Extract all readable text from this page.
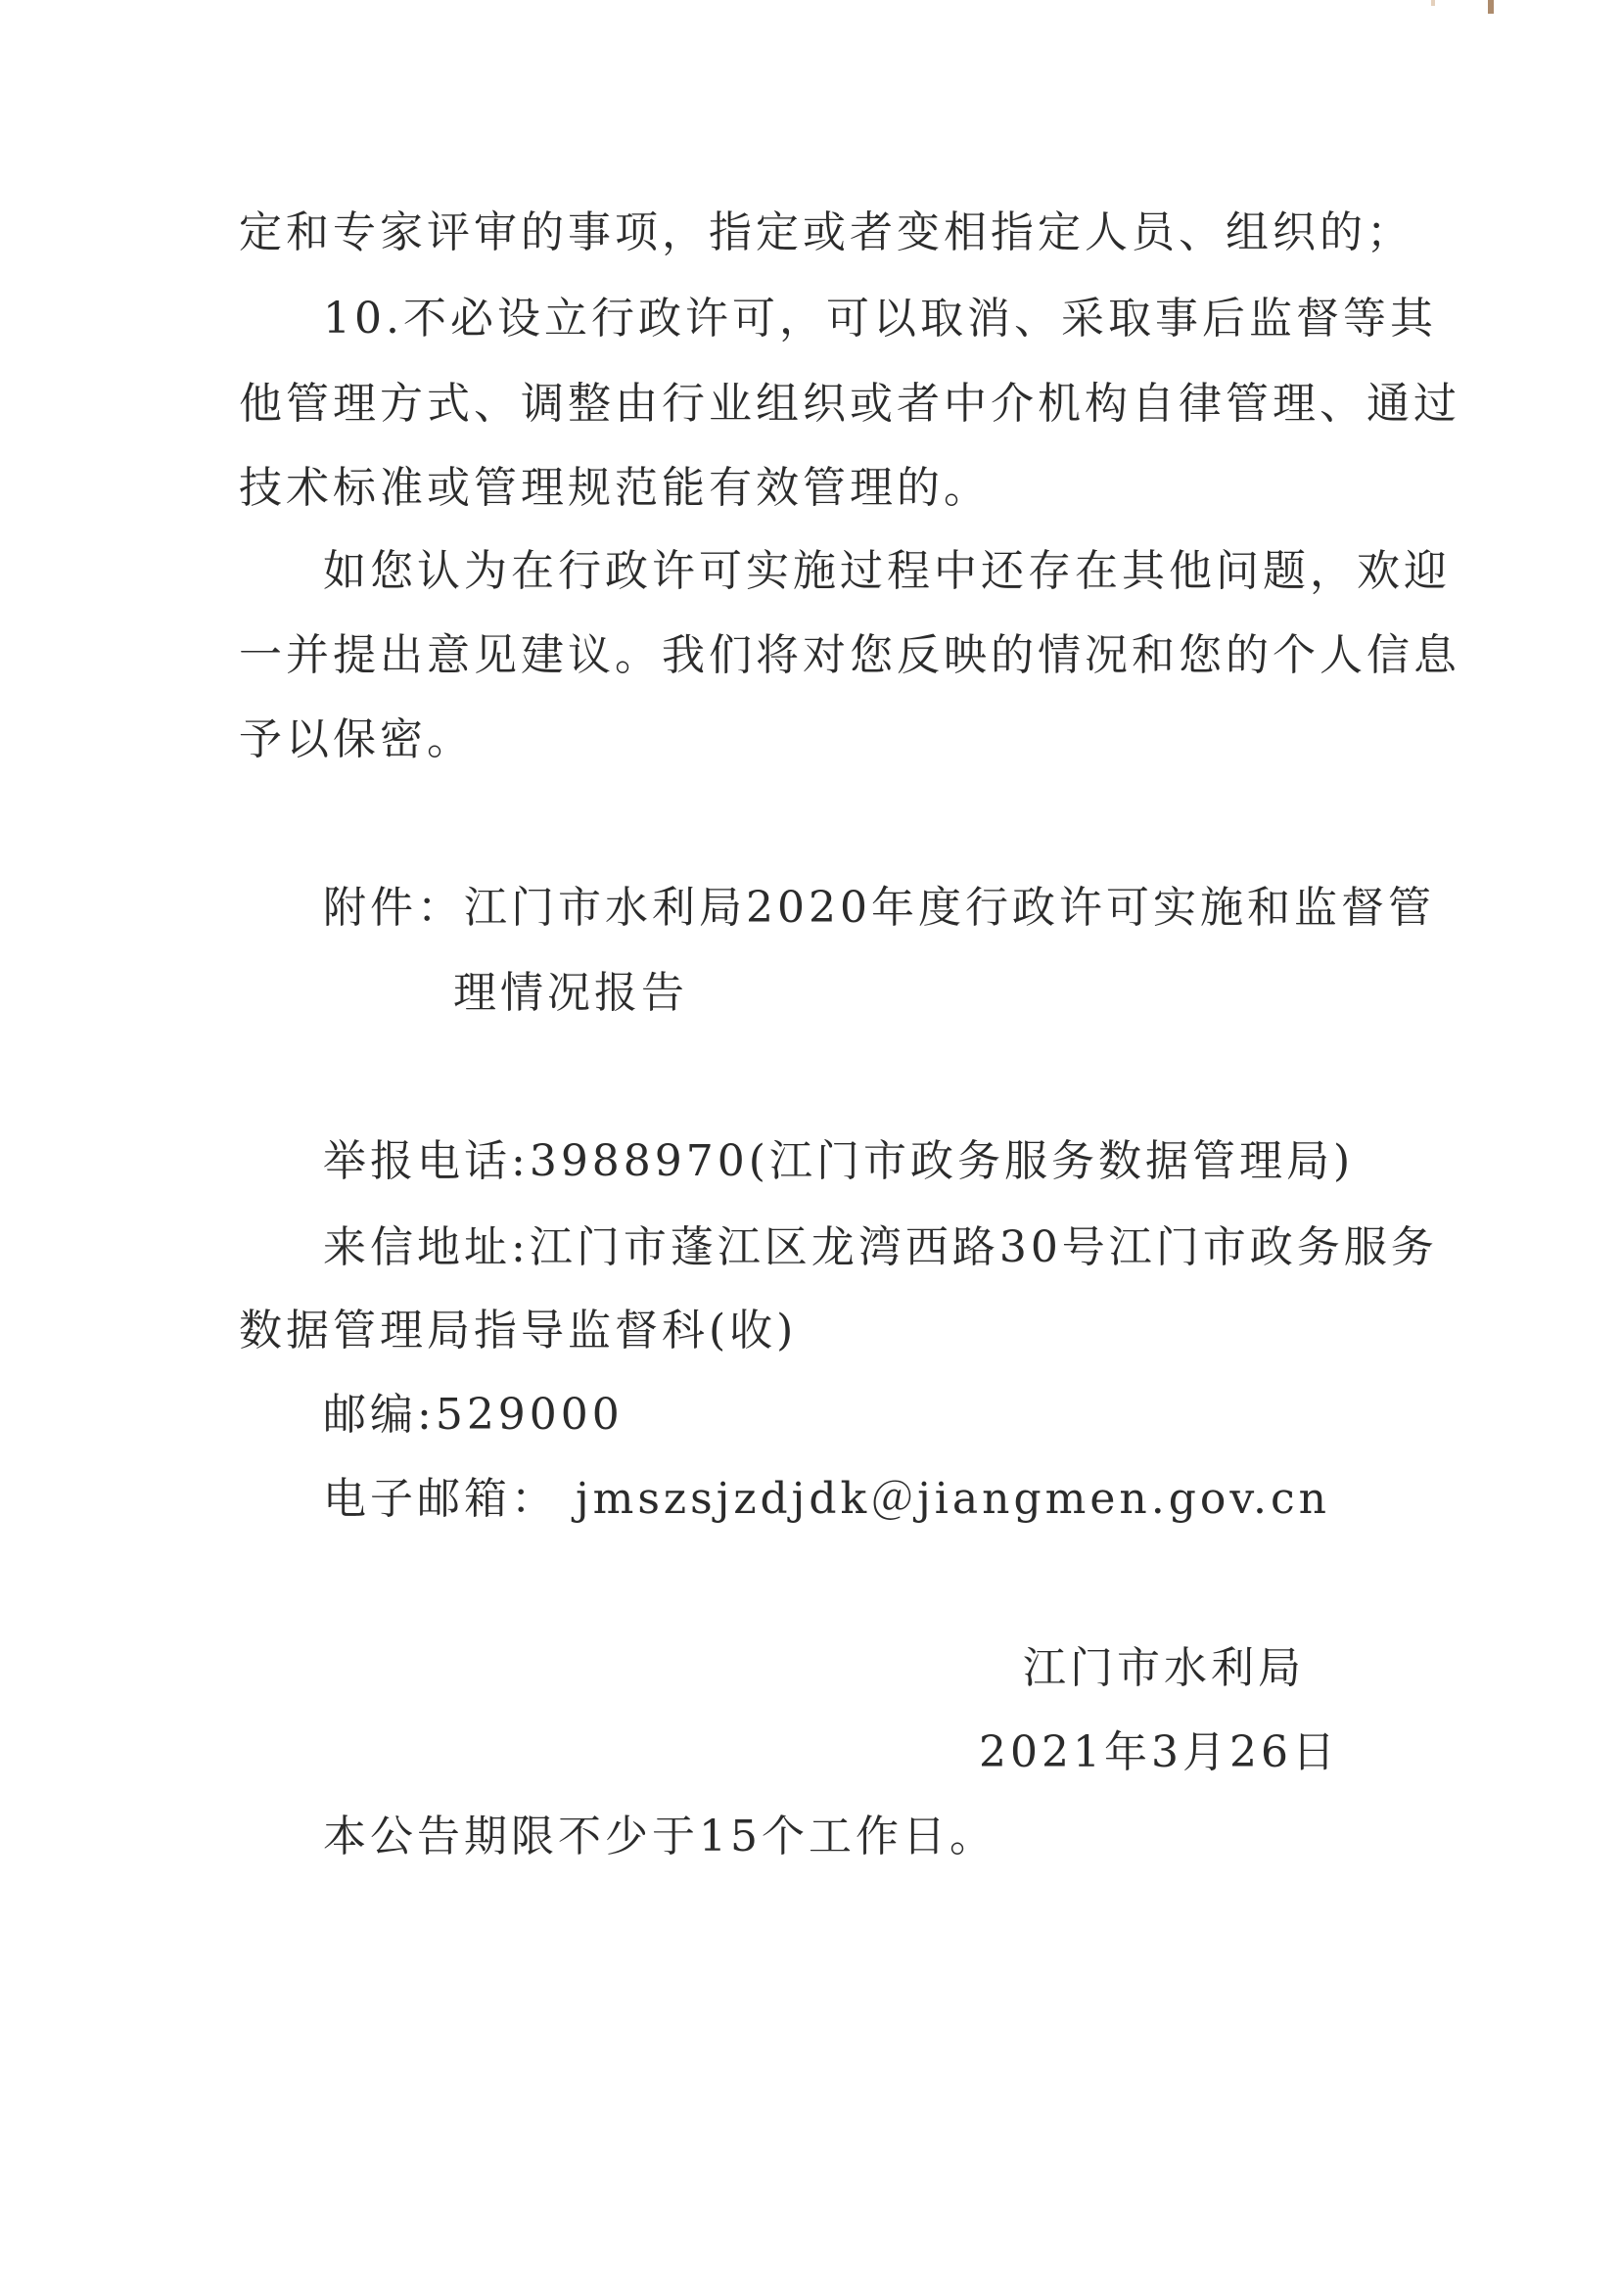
定和专家评审的事项，指定或者变相指定人员、组织的；
10.不必设立行政许可，可以取消、采取事后监督等其
他管理方式、调整由行业组织或者中介机构自律管理、通过
技术标准或管理规范能有效管理的。
如您认为在行政许可实施过程中还存在其他问题，欢迎
一并提出意见建议。我们将对您反映的情况和您的个人信息
予以保密。
附件：江门市水利局2020年度行政许可实施和监督管
理情况报告
举报电话:3988970(江门市政务服务数据管理局)
来信地址:江门市蓬江区龙湾西路30号江门市政务服务
数据管理局指导监督科(收)
邮编:529000
电子邮箱： jmszsjzdjdk＠jiangmen.gov.cn
江门市水利局
2021年3月26日
本公告期限不少于15个工作日。
